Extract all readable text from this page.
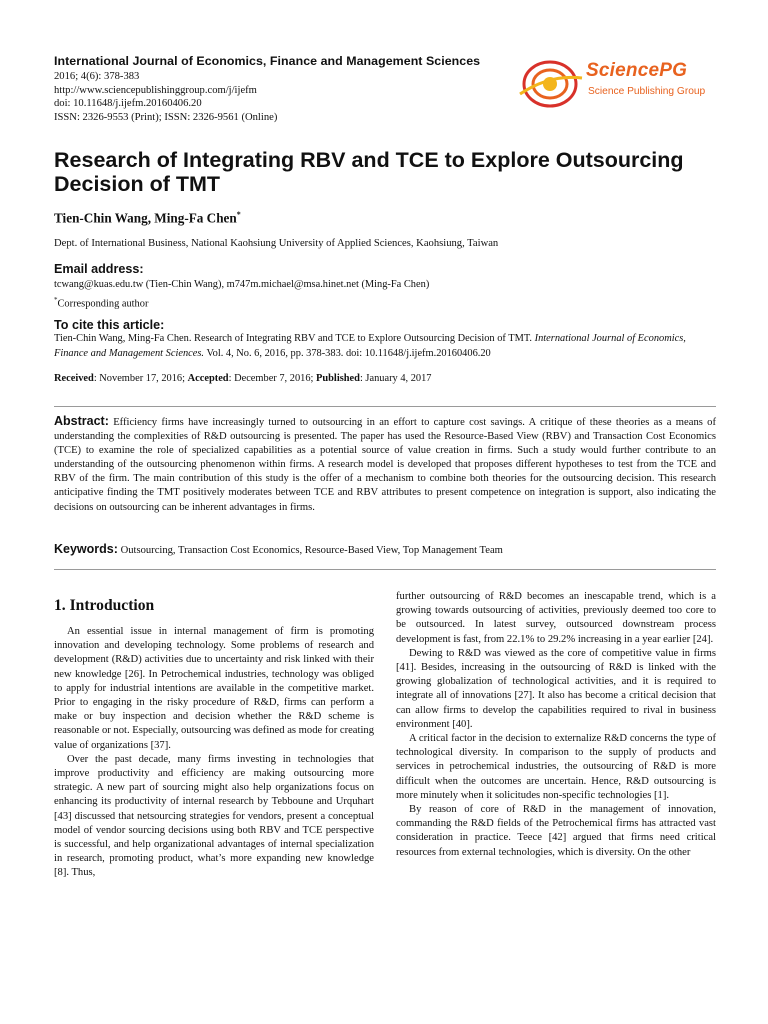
International Journal of Economics, Finance and Management Sciences
2016; 4(6): 378-383
http://www.sciencepublishinggroup.com/j/ijefm
doi: 10.11648/j.ijefm.20160406.20
ISSN: 2326-9553 (Print); ISSN: 2326-9561 (Online)
SciencePG
Science Publishing Group
Research of Integrating RBV and TCE to Explore Outsourcing Decision of TMT
Tien-Chin Wang, Ming-Fa Chen*
Dept. of International Business, National Kaohsiung University of Applied Sciences, Kaohsiung, Taiwan
Email address:
tcwang@kuas.edu.tw (Tien-Chin Wang), m747m.michael@msa.hinet.net (Ming-Fa Chen)
*Corresponding author
To cite this article:
Tien-Chin Wang, Ming-Fa Chen. Research of Integrating RBV and TCE to Explore Outsourcing Decision of TMT. International Journal of Economics, Finance and Management Sciences. Vol. 4, No. 6, 2016, pp. 378-383. doi: 10.11648/j.ijefm.20160406.20
Received: November 17, 2016; Accepted: December 7, 2016; Published: January 4, 2017

Abstract: Efficiency firms have increasingly turned to outsourcing in an effort to capture cost savings. A critique of these theories as a means of understanding the complexities of R&D outsourcing is presented. The paper has used the Resource-Based View (RBV) and Transaction Cost Economics (TCE) to examine the role of specialized capabilities as a potential source of value creation in firms. Such a study would further contribute to an understanding of the outsourcing phenomenon within firms. A research model is developed that proposes different hypotheses to test from the TCE and RBV of the firm. The main contribution of this study is the offer of a mechanism to combine both theories for the outsourcing decision. This research anticipative finding the TMT positively moderates between TCE and RBV attributes to present competence on integration is support, also indicating the decisions on outsourcing can be inherent advantages in firms.

Keywords: Outsourcing, Transaction Cost Economics, Resource-Based View, Top Management Team
1. Introduction

An essential issue in internal management of firm is promoting innovation and developing technology. Some problems of research and development (R&D) activities due to uncertainty and risk linked with their new knowledge [26]. In Petrochemical industries, technology was obliged to apply for industrial intentions are available in the competitive market. Prior to engaging in the risky procedure of R&D, firms can perform a make or buy inspection and decision whether the R&D scheme is reasonable or not. Especially, outsourcing was defined as mode for creating value of organizations [37].

Over the past decade, many firms investing in technologies that improve productivity and efficiency are making outsourcing more strategic. A new part of sourcing might also help organizations focus on enhancing its productivity of internal research by Tebboune and Urquhart [43] discussed that netsourcing strategies for vendors, present a conceptual model of vendor sourcing decisions using both RBV and TCE perspective is successful, and help organizational advantages of internal specialization in research, promoting product, what’s more expanding new knowledge [8]. Thus,

further outsourcing of R&D becomes an inescapable trend, which is a growing towards outsourcing of activities, previously deemed too core to be outsourced. In latest survey, outsourced downstream process development is fast, from 22.1% to 29.2% increasing in a year earlier [24].

Dewing to R&D was viewed as the core of competitive value in firms [41]. Besides, increasing in the outsourcing of R&D is linked with the growing globalization of technological activities, and it is required to integrate all of innovations [27]. It also has become a critical decision that can allow firms to develop the capabilities required to rival in business environment [40].

A critical factor in the decision to externalize R&D concerns the type of technological diversity. In comparison to the supply of products and services in petrochemical industries, the outsourcing of R&D is more difficult when the outcomes are uncertain. Hence, R&D outsourcing is more minutely when it solicitudes non-specific technologies [1].

By reason of core of R&D in the management of innovation, commanding the R&D fields of the Petrochemical firms has attracted vast consideration in practice. Teece [42] argued that firms need critical resources from external technologies, which is diversity. On the other
